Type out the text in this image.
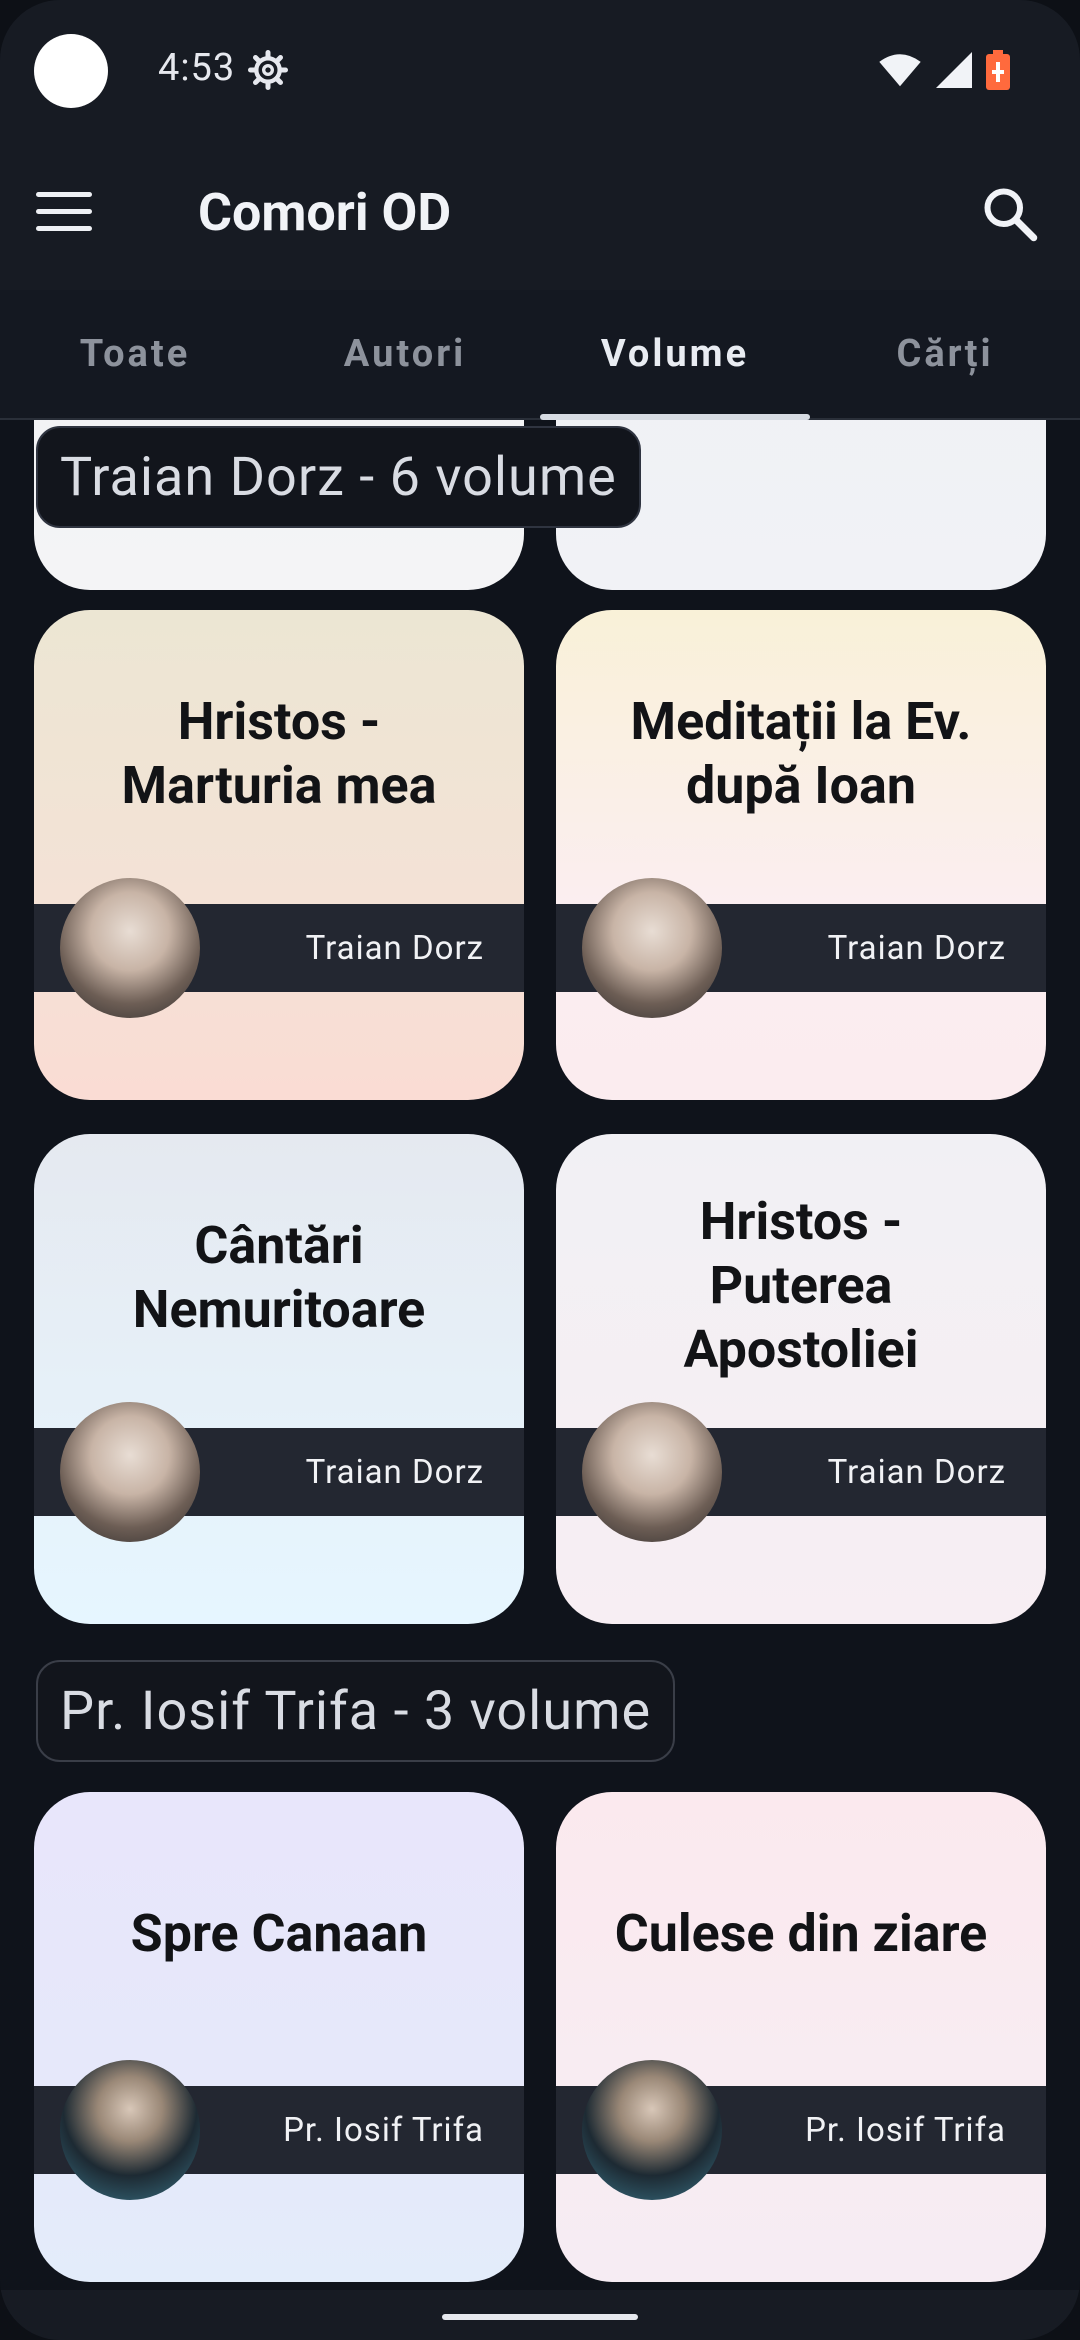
4:53
Comori OD
Toate	Autori	Volume	Cărți
Traian Dorz - 6 volume
Hristos -
Marturia mea
Traian Dorz
Meditații la Ev.
după Ioan
Traian Dorz
Cântări
Nemuritoare
Traian Dorz
Hristos -
Puterea
Apostoliei
Traian Dorz
Pr. Iosif Trifa - 3 volume
Spre Canaan
Pr. Iosif Trifa
Culese din ziare
Pr. Iosif Trifa
